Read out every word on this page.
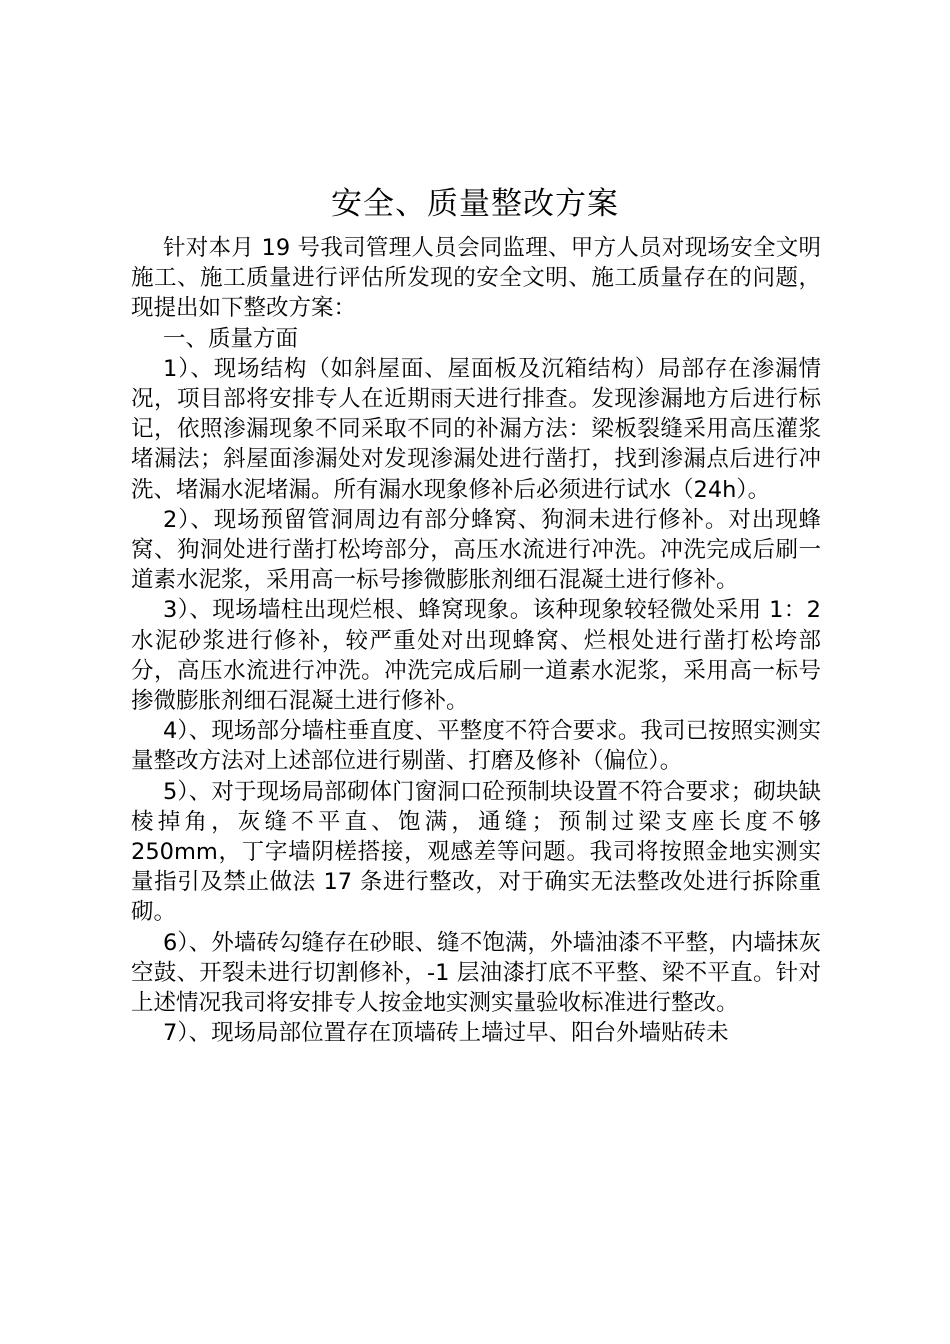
安全、质量整改方案

针对本月 19 号我司管理人员会同监理、甲方人员对现场安全文明施工、施工质量进行评估所发现的安全文明、施工质量存在的问题，现提出如下整改方案：

一、质量方面

1）、现场结构（如斜屋面、屋面板及沉箱结构）局部存在渗漏情况，项目部将安排专人在近期雨天进行排查。发现渗漏地方后进行标记，依照渗漏现象不同采取不同的补漏方法：梁板裂缝采用高压灌浆堵漏法；斜屋面渗漏处对发现渗漏处进行凿打，找到渗漏点后进行冲洗、堵漏水泥堵漏。所有漏水现象修补后必须进行试水（24h）。

2）、现场预留管洞周边有部分蜂窝、狗洞未进行修补。对出现蜂窝、狗洞处进行凿打松垮部分，高压水流进行冲洗。冲洗完成后刷一道素水泥浆，采用高一标号掺微膨胀剂细石混凝土进行修补。

3）、现场墙柱出现烂根、蜂窝现象。该种现象较轻微处采用 1：2 水泥砂浆进行修补，较严重处对出现蜂窝、烂根处进行凿打松垮部分，高压水流进行冲洗。冲洗完成后刷一道素水泥浆，采用高一标号掺微膨胀剂细石混凝土进行修补。

4）、现场部分墙柱垂直度、平整度不符合要求。我司已按照实测实量整改方法对上述部位进行剔凿、打磨及修补（偏位）。

5）、对于现场局部砌体门窗洞口砼预制块设置不符合要求；砌块缺棱掉角，灰缝不平直、饱满，通缝；预制过梁支座长度不够 250mm，丁字墙阴槎搭接，观感差等问题。我司将按照金地实测实量指引及禁止做法 17 条进行整改，对于确实无法整改处进行拆除重砌。

6）、外墙砖勾缝存在砂眼、缝不饱满，外墙油漆不平整，内墙抹灰空鼓、开裂未进行切割修补，-1 层油漆打底不平整、梁不平直。针对上述情况我司将安排专人按金地实测实量验收标准进行整改。

7）、现场局部位置存在顶墙砖上墙过早、阳台外墙贴砖未
